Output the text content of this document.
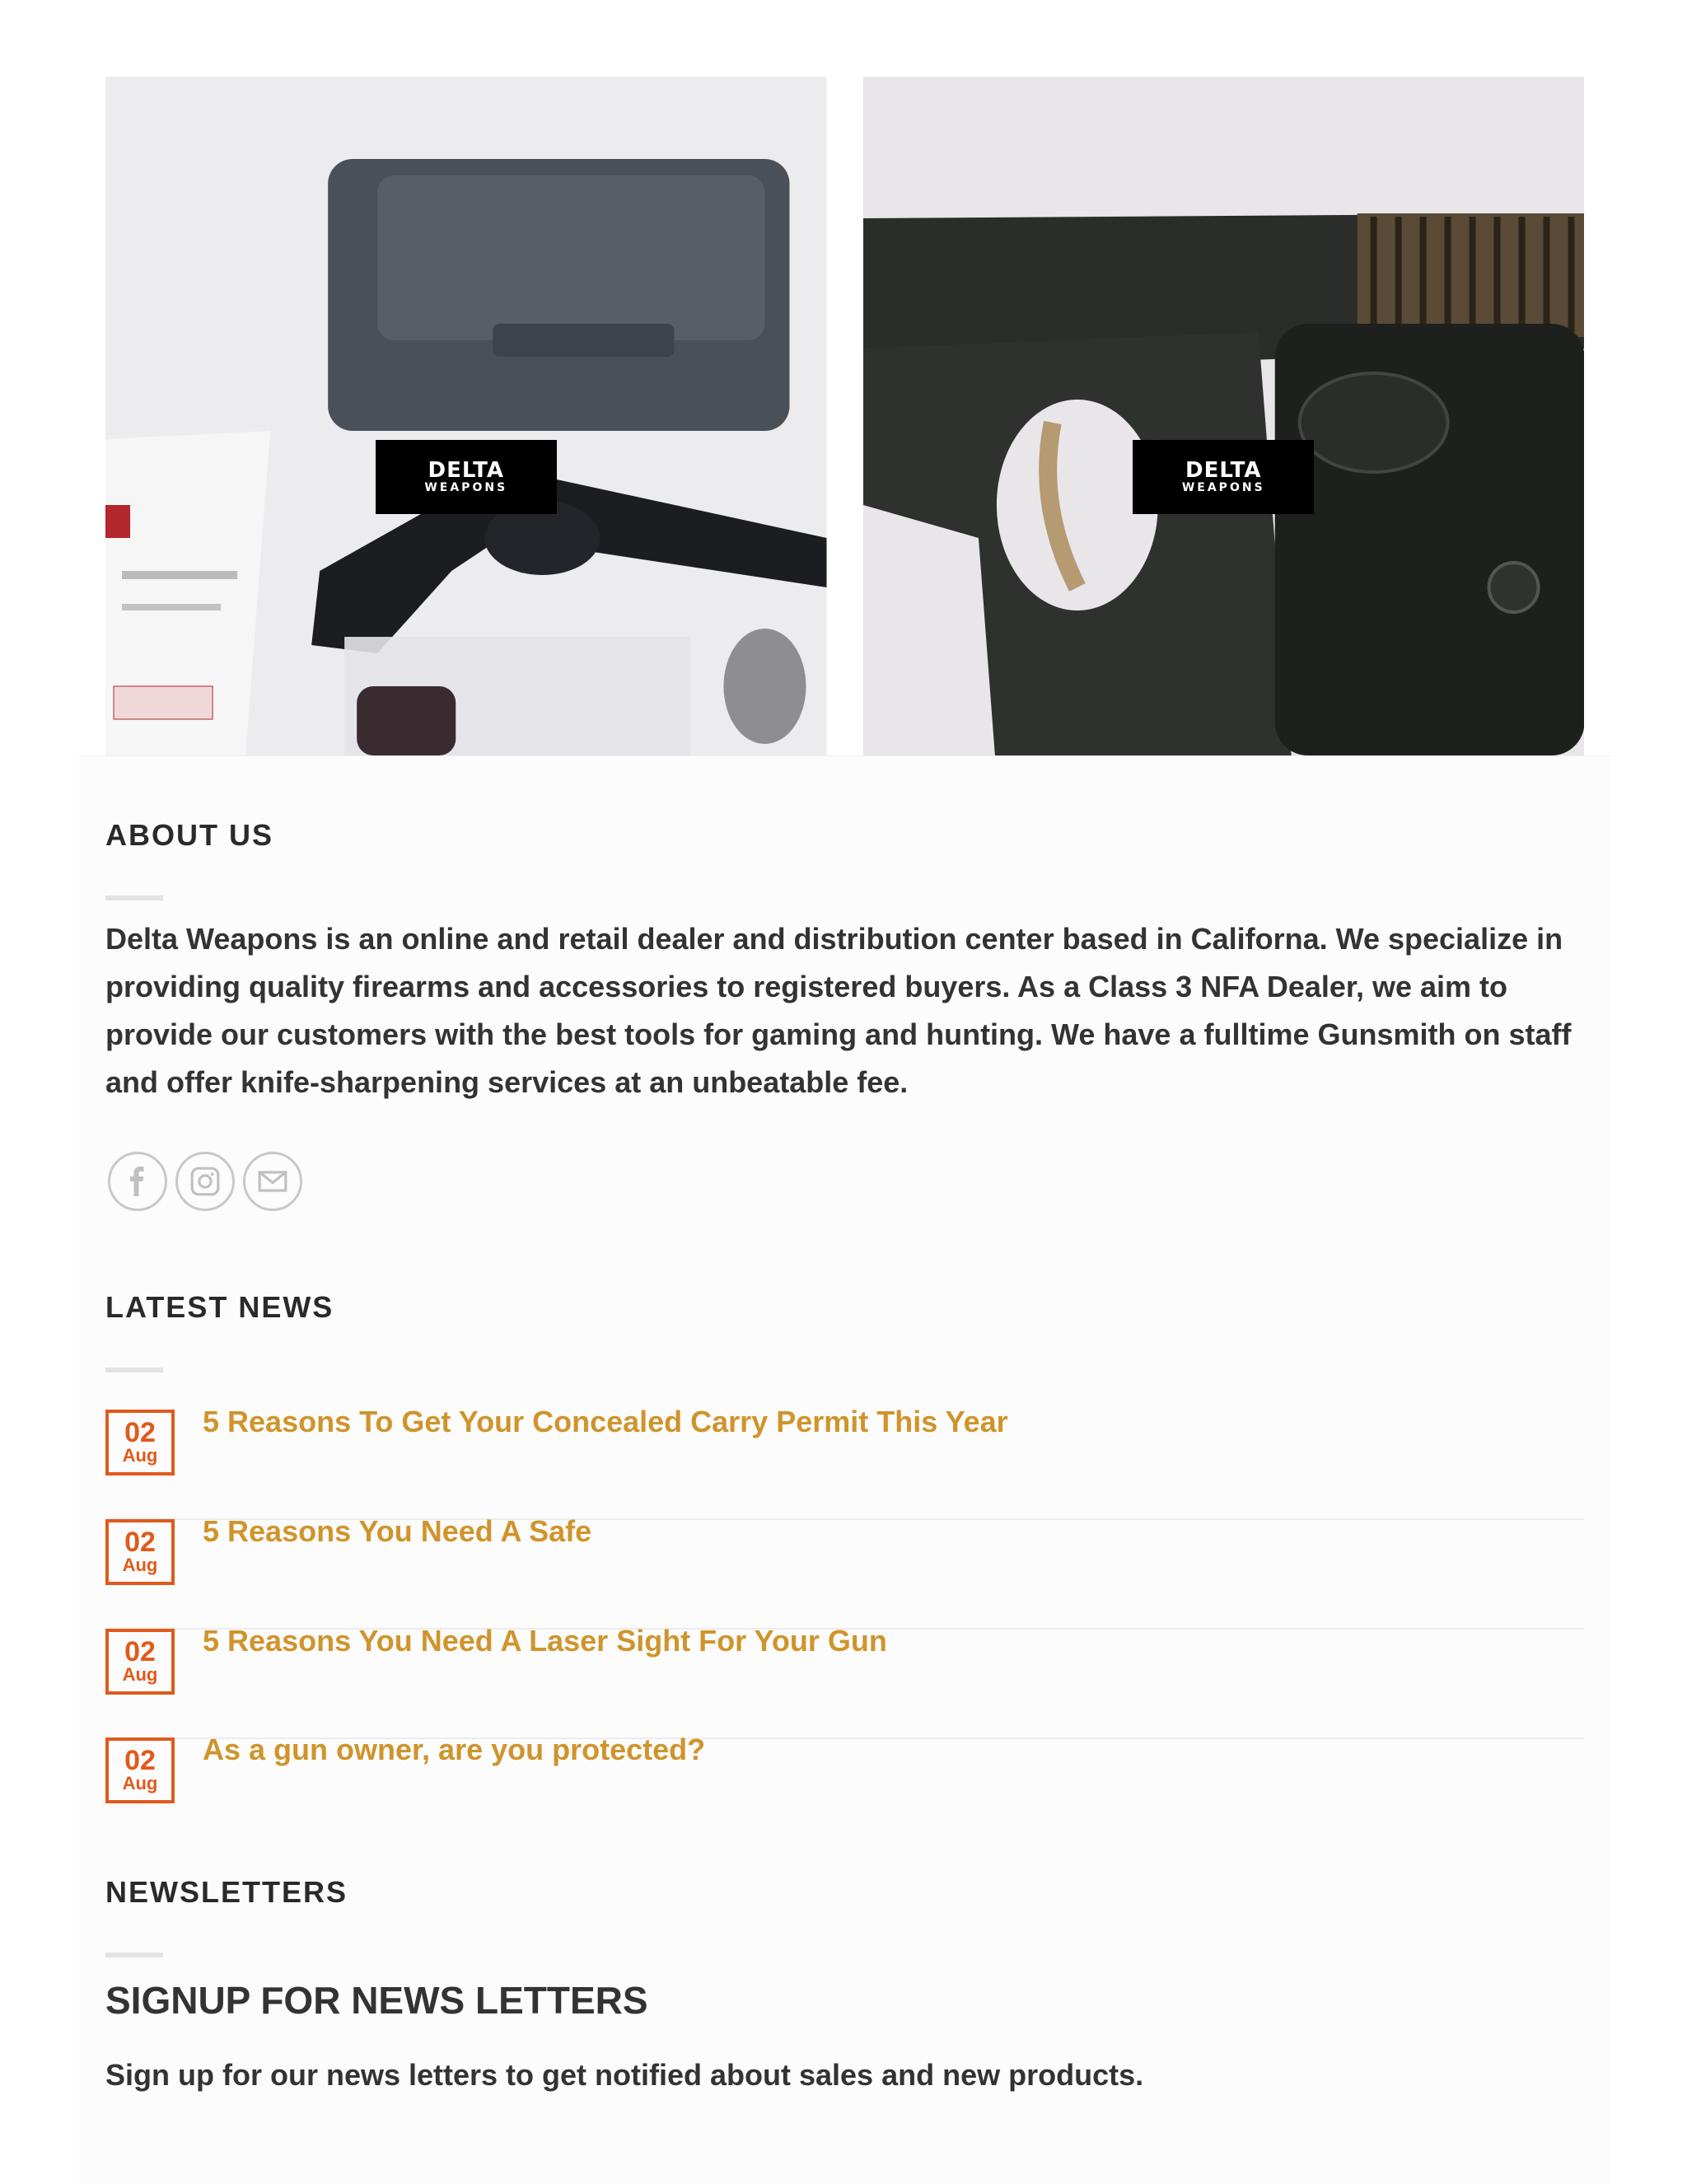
DELTA
WEAPONS
DELTA
WEAPONS
ABOUT US

Delta Weapons is an online and retail dealer and distribution center based in Californa. We specialize in providing quality firearms and accessories to registered buyers. As a Class 3 NFA Dealer, we aim to provide our customers with the best tools for gaming and hunting. We have a fulltime Gunsmith on staff and offer knife-sharpening services at an unbeatable fee.

LATEST NEWS
02
Aug
5 Reasons To Get Your Concealed Carry Permit This Year
02
Aug
5 Reasons You Need A Safe
02
Aug
5 Reasons You Need A Laser Sight For Your Gun
02
Aug
As a gun owner, are you protected?
NEWSLETTERS
SIGNUP FOR NEWS LETTERS

Sign up for our news letters to get notified about sales and new products.
